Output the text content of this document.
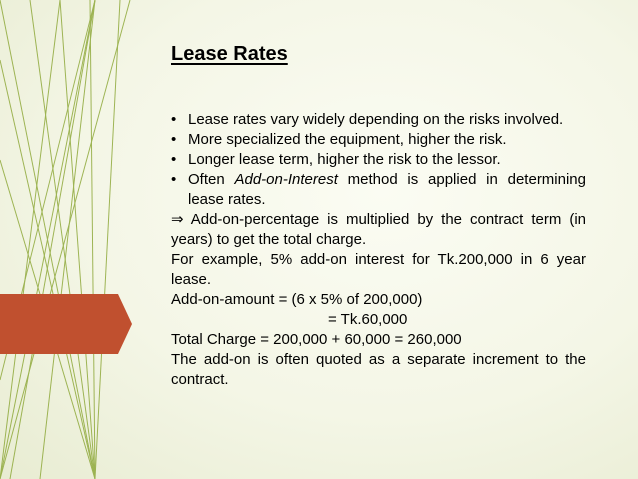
Lease Rates
• Lease rates vary widely depending on the risks involved.
• More specialized the equipment, higher the risk.
• Longer lease term, higher the risk to the lessor.
• Often Add-on-Interest method is applied in determining lease rates.
⇒ Add-on-percentage is multiplied by the contract term (in years) to get the total charge.
For example, 5% add-on interest for Tk.200,000 in 6 year lease.
Add-on-amount = (6 x 5% of 200,000)
= Tk.60,000
Total Charge = 200,000 + 60,000 = 260,000
The add-on is often quoted as a separate increment to the contract.
